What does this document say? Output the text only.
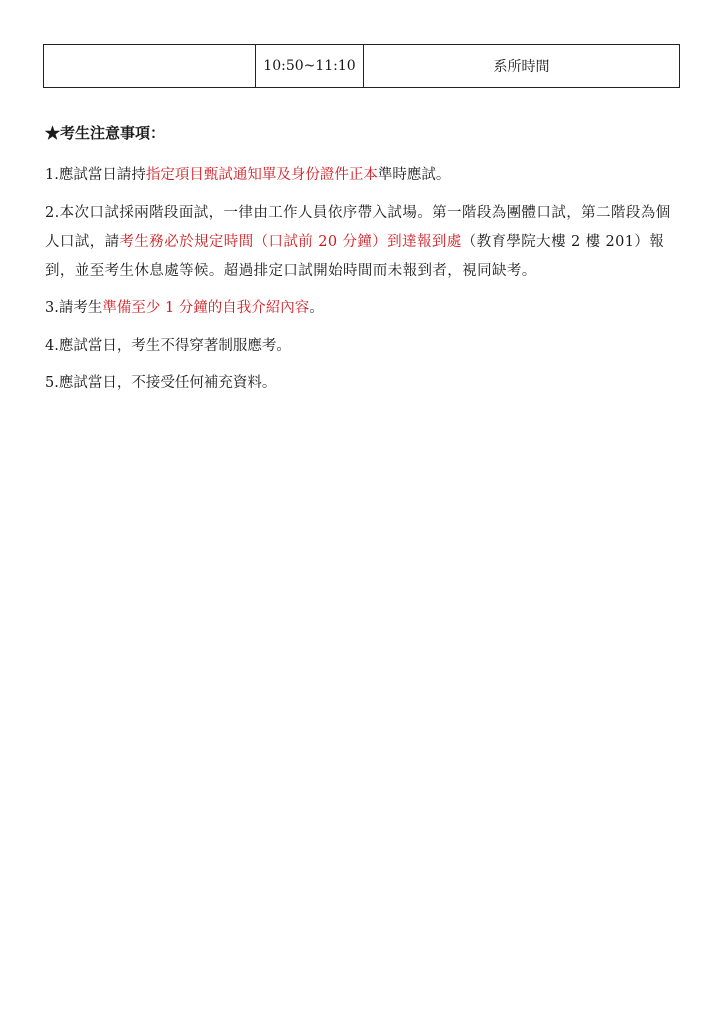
	10:50~11:10	系所時間

★考生注意事項：

1.應試當日請持指定項目甄試通知單及身份證件正本準時應試。

2.本次口試採兩階段面試，一律由工作人員依序帶入試場。第一階段為團體口試，第二階段為個人口試，請考生務必於規定時間（口試前 20 分鐘）到達報到處（教育學院大樓 2 樓 201）報到，並至考生休息處等候。超過排定口試開始時間而未報到者，視同缺考。

3.請考生準備至少 1 分鐘的自我介紹內容。

4.應試當日，考生不得穿著制服應考。

5.應試當日，不接受任何補充資料。
